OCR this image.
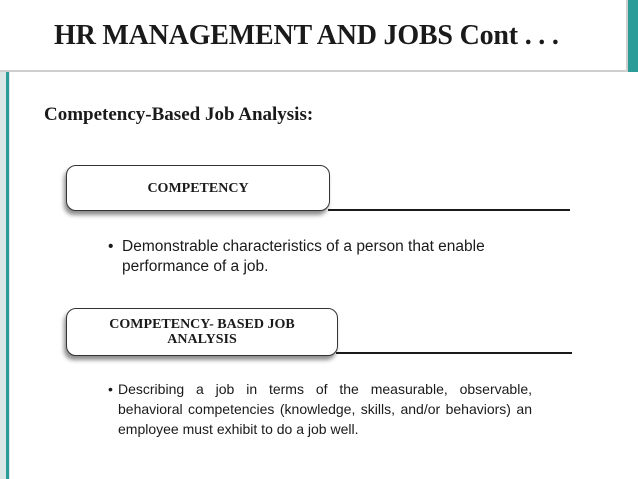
HR MANAGEMENT AND JOBS Cont . . .
Competency-Based Job Analysis:
COMPETENCY
• Demonstrable characteristics of a person that enable performance of a job.
COMPETENCY- BASED JOB ANALYSIS
• Describing a job in terms of the measurable, observable, behavioral competencies (knowledge, skills, and/or behaviors) an employee must exhibit to do a job well.
